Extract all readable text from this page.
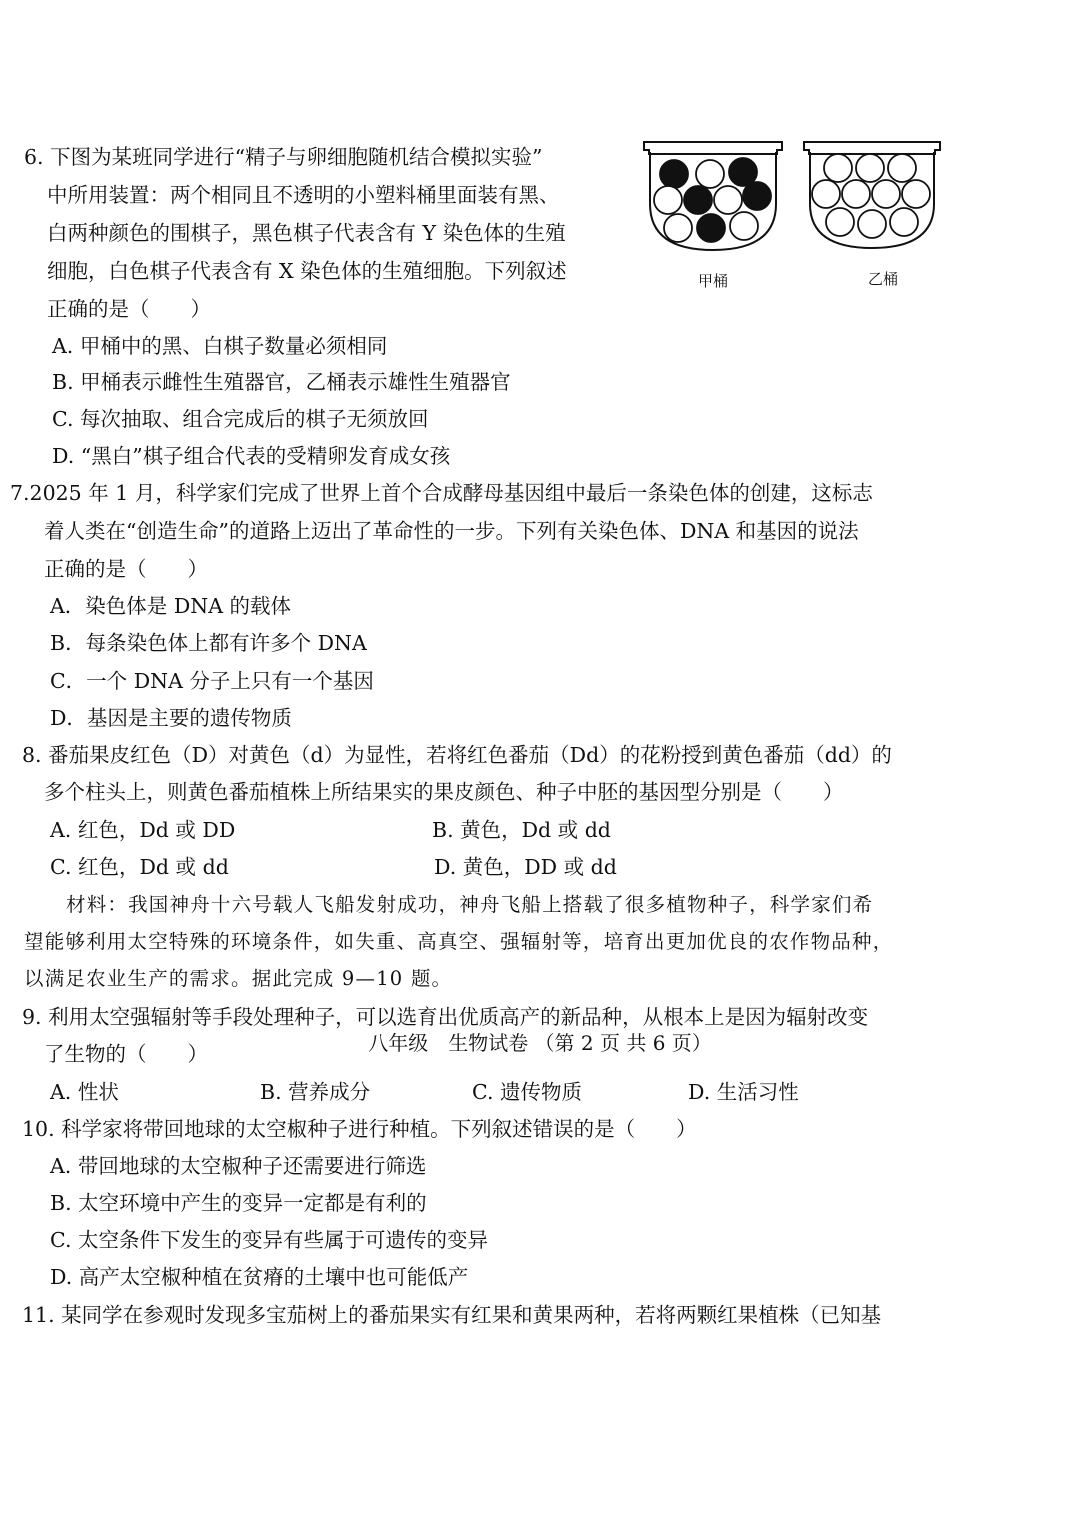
6. 下图为某班同学进行“精子与卵细胞随机结合模拟实验”
中所用装置：两个相同且不透明的小塑料桶里面装有黑、
白两种颜色的围棋子，黑色棋子代表含有 Y 染色体的生殖
细胞，白色棋子代表含有 X 染色体的生殖细胞。下列叙述
正确的是（　　）
A. 甲桶中的黑、白棋子数量必须相同
B. 甲桶表示雌性生殖器官，乙桶表示雄性生殖器官
C. 每次抽取、组合完成后的棋子无须放回
D. “黑白”棋子组合代表的受精卵发育成女孩
甲桶	乙桶
7.2025 年 1 月，科学家们完成了世界上首个合成酵母基因组中最后一条染色体的创建，这标志
着人类在“创造生命”的道路上迈出了革命性的一步。下列有关染色体、DNA 和基因的说法
正确的是（　　）
A．染色体是 DNA 的载体
B．每条染色体上都有许多个 DNA
C．一个 DNA 分子上只有一个基因
D．基因是主要的遗传物质
8. 番茄果皮红色（D）对黄色（d）为显性，若将红色番茄（Dd）的花粉授到黄色番茄（dd）的
多个柱头上，则黄色番茄植株上所结果实的果皮颜色、种子中胚的基因型分别是（　　）
A. 红色，Dd 或 DD	B. 黄色，Dd 或 dd
C. 红色，Dd 或 dd	D. 黄色，DD 或 dd
材料：我国神舟十六号载人飞船发射成功，神舟飞船上搭载了很多植物种子，科学家们希
望能够利用太空特殊的环境条件，如失重、高真空、强辐射等，培育出更加优良的农作物品种，
以满足农业生产的需求。据此完成 9—10 题。
9. 利用太空强辐射等手段处理种子，可以选育出优质高产的新品种，从根本上是因为辐射改变
了生物的（　　）
A. 性状	B. 营养成分	C. 遗传物质	D. 生活习性
10. 科学家将带回地球的太空椒种子进行种植。下列叙述错误的是（　　）
A. 带回地球的太空椒种子还需要进行筛选
B. 太空环境中产生的变异一定都是有利的
C. 太空条件下发生的变异有些属于可遗传的变异
D. 高产太空椒种植在贫瘠的土壤中也可能低产
11. 某同学在参观时发现多宝茄树上的番茄果实有红果和黄果两种，若将两颗红果植株（已知基
八年级　生物试卷 （第 2 页 共 6 页）
